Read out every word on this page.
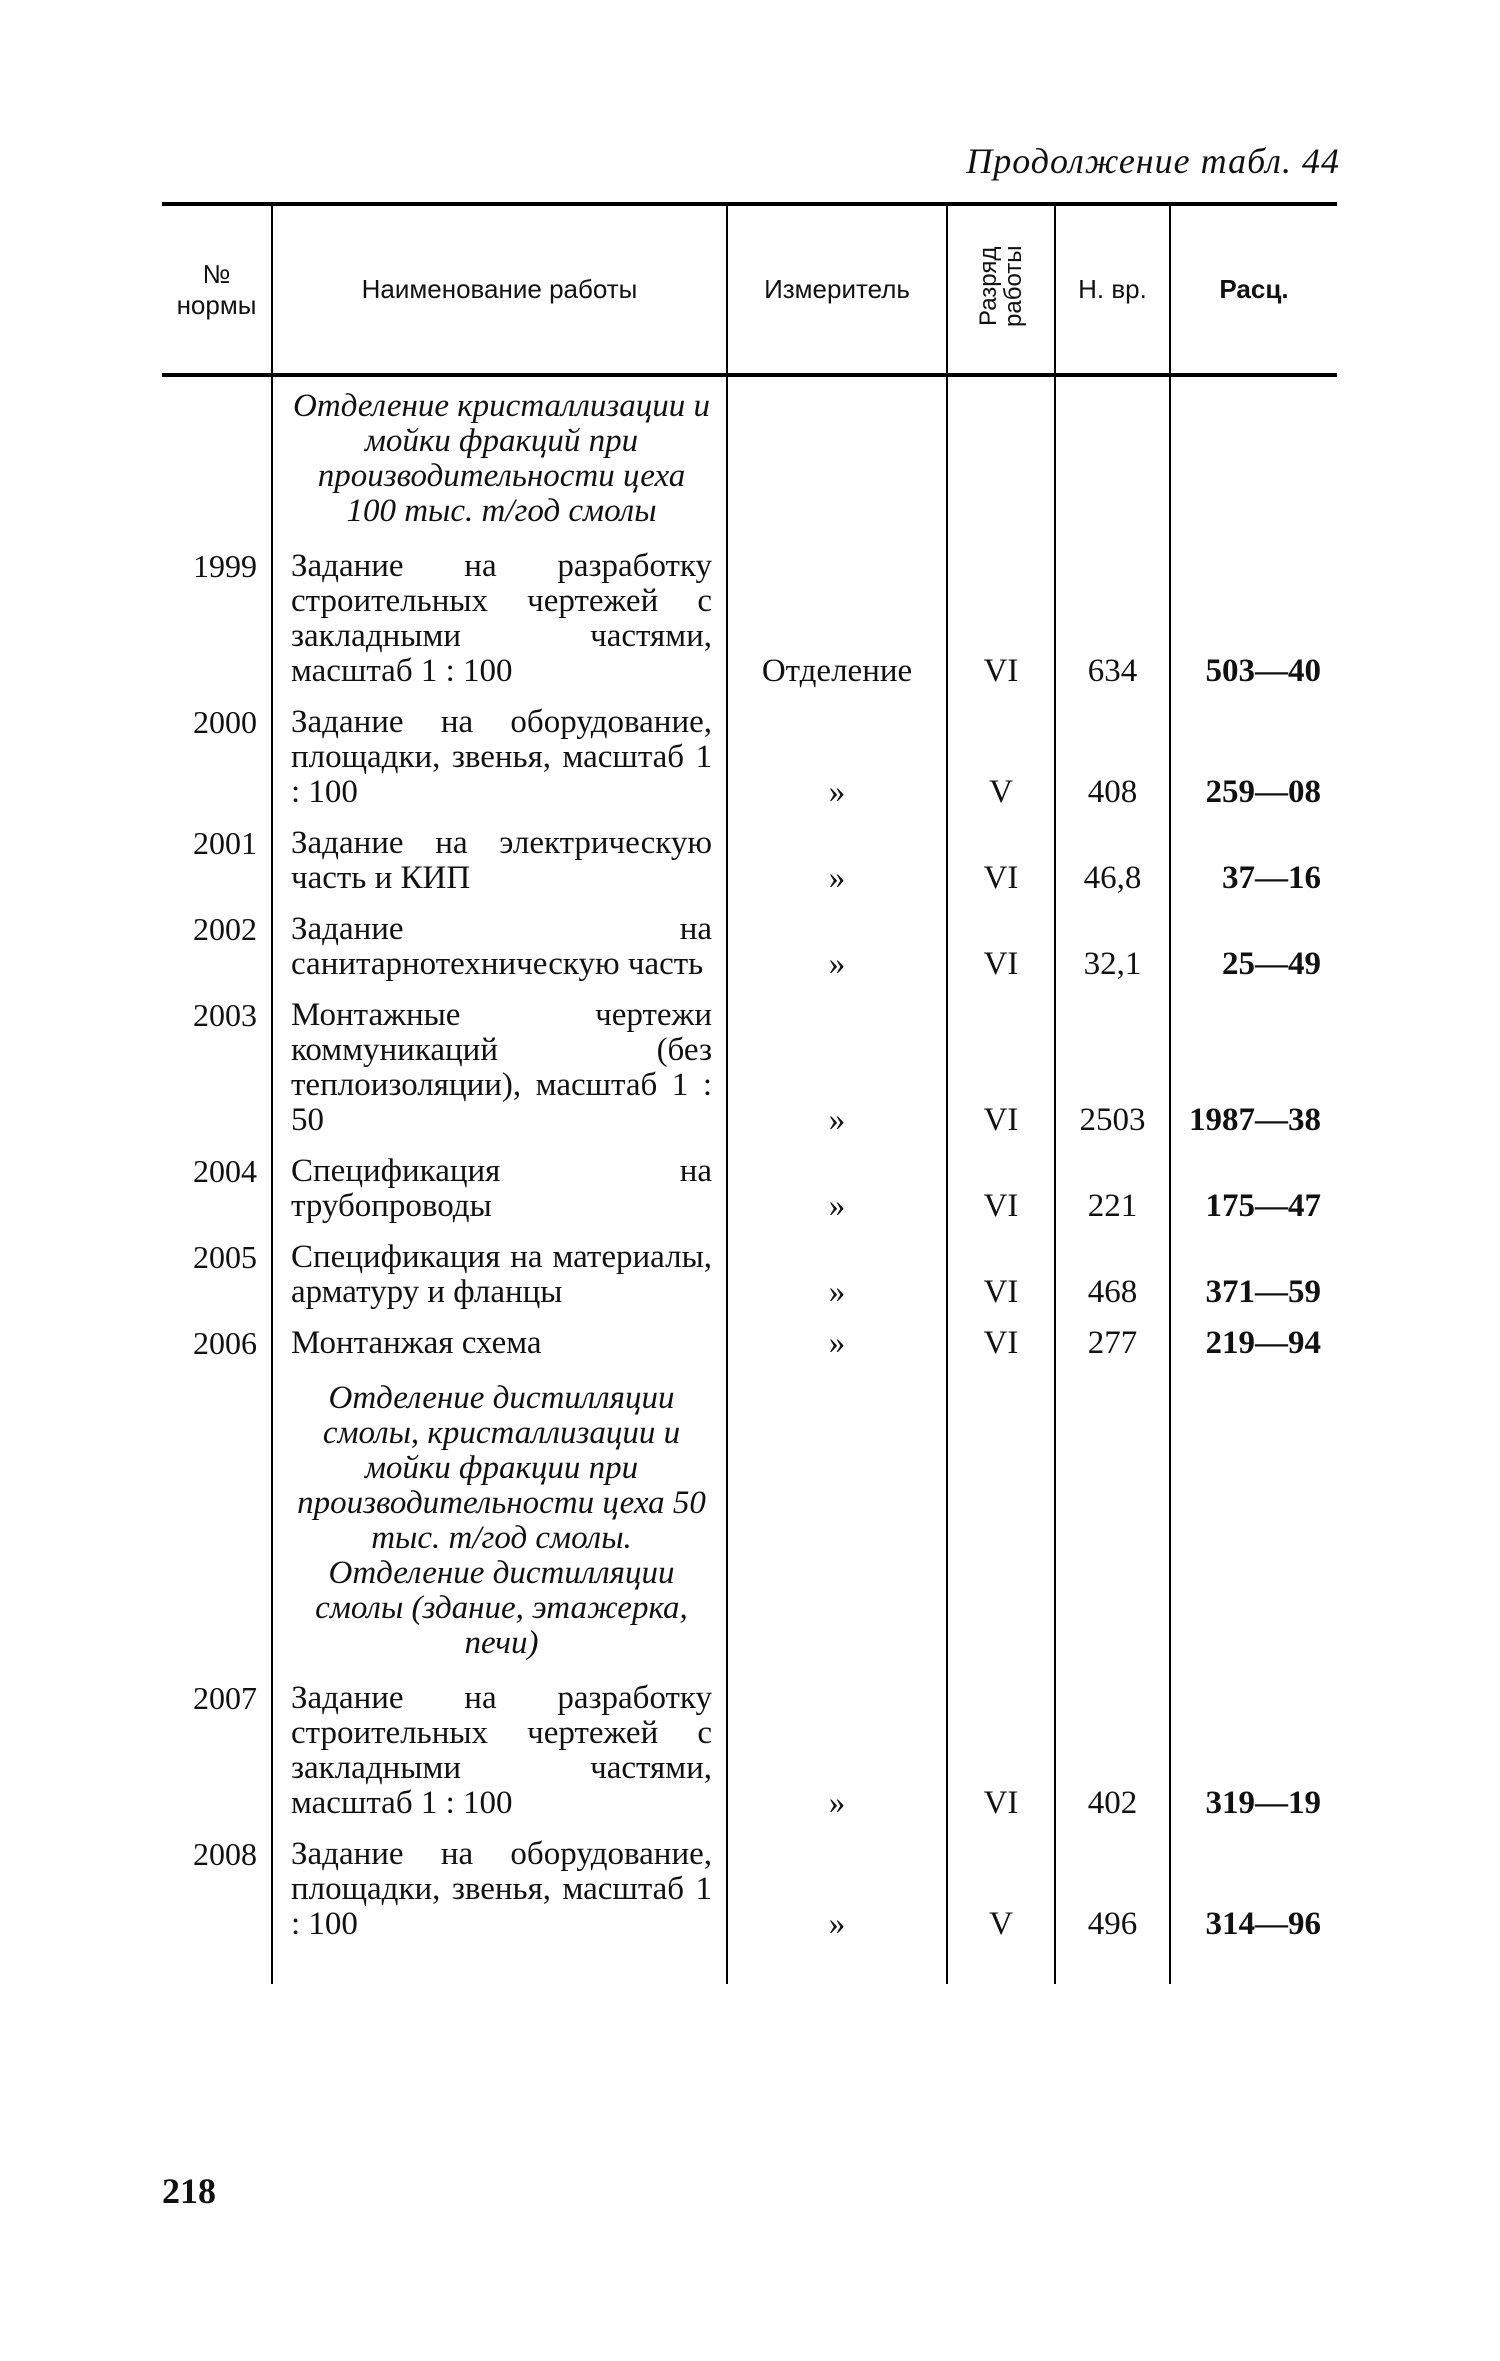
Продолжение табл. 44
№ нормы	Наименование работы	Измеритель	Разряд работы	Н. вр.	Расц.
	Отделение кристаллизации и мойки фракций при производительности цеха 100 тыс. т/год смолы				
1999	Задание на разработку строительных чертежей с закладными частями, масштаб 1 : 100	Отделение	VI	634	503—40
2000	Задание на оборудование, площадки, звенья, масштаб 1 : 100	»	V	408	259—08
2001	Задание на электрическую часть и КИП	»	VI	46,8	37—16
2002	Задание на санитарнотехническую часть	»	VI	32,1	25—49
2003	Монтажные чертежи коммуникаций (без теплоизоляции), масштаб 1 : 50	»	VI	2503	1987—38
2004	Спецификация на трубопроводы	»	VI	221	175—47
2005	Спецификация на материалы, арматуру и фланцы	»	VI	468	371—59
2006	Монтанжая схема	»	VI	277	219—94
	Отделение дистилляции смолы, кристаллизации и мойки фракции при производительности цеха 50 тыс. т/год смолы. Отделение дистилляции смолы (здание, этажерка, печи)				
2007	Задание на разработку строительных чертежей с закладными частями, масштаб 1 : 100	»	VI	402	319—19
2008	Задание на оборудование, площадки, звенья, масштаб 1 : 100	»	V	496	314—96
218
